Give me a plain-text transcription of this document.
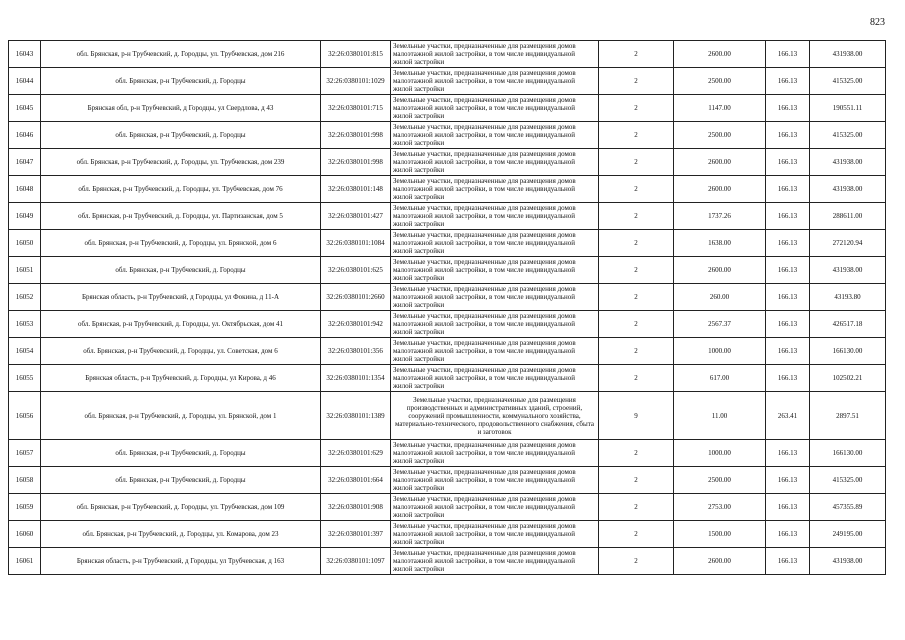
823
16043	обл. Брянская, р-н Трубчевский, д. Городцы, ул. Трубчевская, дом 216	32:26:0380101:815	Земельные участки, предназначенные для размещения домов малоэтажной жилой застройки, в том числе индивидуальной жилой застройки	2	2600.00	166.13	431938.00
16044	обл. Брянская, р-н Трубчевский, д. Городцы	32:26:0380101:1029	Земельные участки, предназначенные для размещения домов малоэтажной жилой застройки, в том числе индивидуальной жилой застройки	2	2500.00	166.13	415325.00
16045	Брянская обл, р-н Трубчевский, д Городцы, ул Свердлова, д 43	32:26:0380101:715	Земельные участки, предназначенные для размещения домов малоэтажной жилой застройки, в том числе индивидуальной жилой застройки	2	1147.00	166.13	190551.11
16046	обл. Брянская, р-н Трубчевский, д. Городцы	32:26:0380101:998	Земельные участки, предназначенные для размещения домов малоэтажной жилой застройки, в том числе индивидуальной жилой застройки	2	2500.00	166.13	415325.00
16047	обл. Брянская, р-н Трубчевский, д. Городцы, ул. Трубчевская, дом 239	32:26:0380101:998	Земельные участки, предназначенные для размещения домов малоэтажной жилой застройки, в том числе индивидуальной жилой застройки	2	2600.00	166.13	431938.00
16048	обл. Брянская, р-н Трубчевский, д. Городцы, ул. Трубчевская, дом 76	32:26:0380101:148	Земельные участки, предназначенные для размещения домов малоэтажной жилой застройки, в том числе индивидуальной жилой застройки	2	2600.00	166.13	431938.00
16049	обл. Брянская, р-н Трубчевский, д. Городцы, ул. Партизанская, дом 5	32:26:0380101:427	Земельные участки, предназначенные для размещения домов малоэтажной жилой застройки, в том числе индивидуальной жилой застройки	2	1737.26	166.13	288611.00
16050	обл. Брянская, р-н Трубчевский, д. Городцы, ул. Брянской, дом 6	32:26:0380101:1084	Земельные участки, предназначенные для размещения домов малоэтажной жилой застройки, в том числе индивидуальной жилой застройки	2	1638.00	166.13	272120.94
16051	обл. Брянская, р-н Трубчевский, д. Городцы	32:26:0380101:625	Земельные участки, предназначенные для размещения домов малоэтажной жилой застройки, в том числе индивидуальной жилой застройки	2	2600.00	166.13	431938.00
16052	Брянская область, р-н Трубчевский, д Городцы, ул Фокина, д 11-А	32:26:0380101:2660	Земельные участки, предназначенные для размещения домов малоэтажной жилой застройки, в том числе индивидуальной жилой застройки	2	260.00	166.13	43193.80
16053	обл. Брянская, р-н Трубчевский, д. Городцы, ул. Октябрьская, дом 41	32:26:0380101:942	Земельные участки, предназначенные для размещения домов малоэтажной жилой застройки, в том числе индивидуальной жилой застройки	2	2567.37	166.13	426517.18
16054	обл. Брянская, р-н Трубчевский, д. Городцы, ул. Советская, дом 6	32:26:0380101:356	Земельные участки, предназначенные для размещения домов малоэтажной жилой застройки, в том числе индивидуальной жилой застройки	2	1000.00	166.13	166130.00
16055	Брянская область, р-н Трубчевский, д. Городцы, ул Кирова, д 46	32:26:0380101:1354	Земельные участки, предназначенные для размещения домов малоэтажной жилой застройки, в том числе индивидуальной жилой застройки	2	617.00	166.13	102502.21
16056	обл. Брянская, р-н Трубчевский, д. Городцы, ул. Брянской, дом 1	32:26:0380101:1389	Земельные участки, предназначенные для размещения производственных и административных зданий, строений, сооружений промышленности, коммунального хозяйства, материально-технического, продовольственного снабжения, сбыта и заготовок	9	11.00	263.41	2897.51
16057	обл. Брянская, р-н Трубчевский, д. Городцы	32:26:0380101:629	Земельные участки, предназначенные для размещения домов малоэтажной жилой застройки, в том числе индивидуальной жилой застройки	2	1000.00	166.13	166130.00
16058	обл. Брянская, р-н Трубчевский, д. Городцы	32:26:0380101:664	Земельные участки, предназначенные для размещения домов малоэтажной жилой застройки, в том числе индивидуальной жилой застройки	2	2500.00	166.13	415325.00
16059	обл. Брянская, р-н Трубчевский, д. Городцы, ул. Трубчевская, дом 109	32:26:0380101:908	Земельные участки, предназначенные для размещения домов малоэтажной жилой застройки, в том числе индивидуальной жилой застройки	2	2753.00	166.13	457355.89
16060	обл. Брянская, р-н Трубчевский, д. Городцы, ул. Комарова, дом 23	32:26:0380101:397	Земельные участки, предназначенные для размещения домов малоэтажной жилой застройки, в том числе индивидуальной жилой застройки	2	1500.00	166.13	249195.00
16061	Брянская область, р-н Трубчевский, д Городцы, ул Трубчевская, д 163	32:26:0380101:1097	Земельные участки, предназначенные для размещения домов малоэтажной жилой застройки, в том числе индивидуальной жилой застройки	2	2600.00	166.13	431938.00
